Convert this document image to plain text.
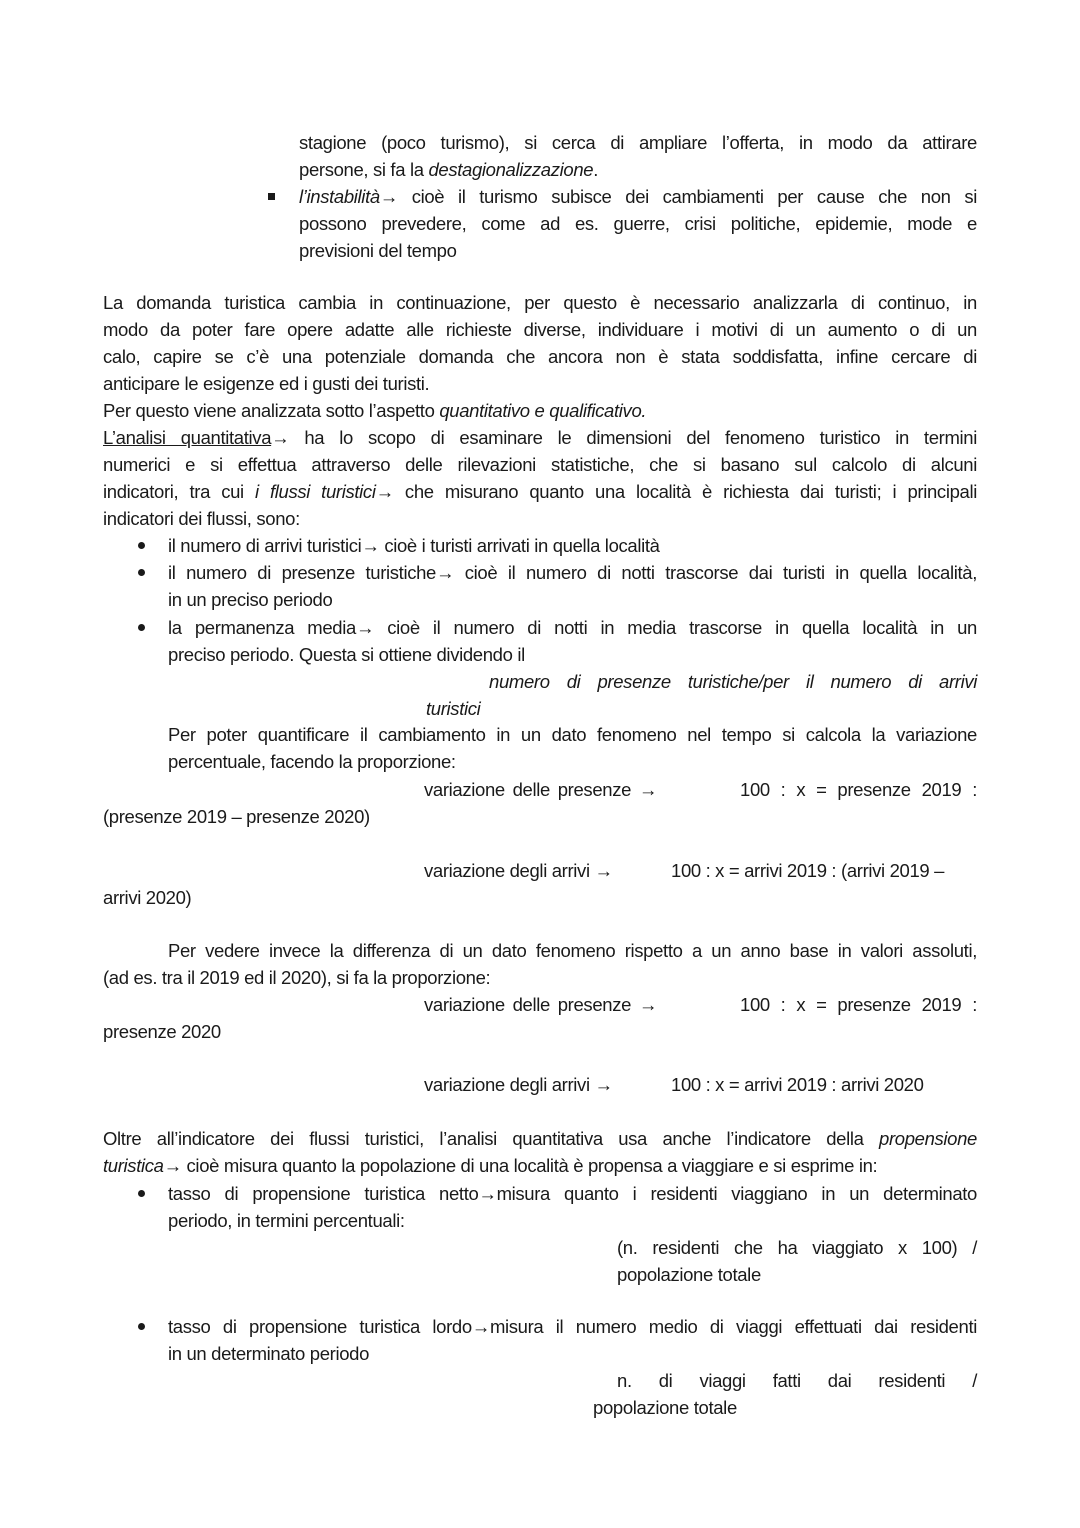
stagione (poco turismo), si cerca di ampliare l’offerta, in modo da attirare
persone, si fa la destagionalizzazione.
l’instabilità→ cioè il turismo subisce dei cambiamenti per cause che non si
possono prevedere, come ad es. guerre, crisi politiche, epidemie, mode e
previsioni del tempo
La domanda turistica cambia in continuazione, per questo è necessario analizzarla di continuo, in
modo da poter fare opere adatte alle richieste diverse, individuare i motivi di un aumento o di un
calo, capire se c’è una potenziale domanda che ancora non è stata soddisfatta, infine cercare di
anticipare le esigenze ed i gusti dei turisti.
Per questo viene analizzata sotto l’aspetto quantitativo e qualificativo.
L’analisi quantitativa→ ha lo scopo di esaminare le dimensioni del fenomeno turistico in termini
numerici e si effettua attraverso delle rilevazioni statistiche, che si basano sul calcolo di alcuni
indicatori, tra cui i flussi turistici→ che misurano quanto una località è richiesta dai turisti; i principali
indicatori dei flussi, sono:
il numero di arrivi turistici→ cioè i turisti arrivati in quella località
il numero di presenze turistiche→ cioè il numero di notti trascorse dai turisti in quella località,
in un preciso periodo
la permanenza media→ cioè il numero di notti in media trascorse in quella località in un
preciso periodo. Questa si ottiene dividendo il
numero di presenze turistiche/per il numero di arrivi
turistici
Per poter quantificare il cambiamento in un dato fenomeno nel tempo si calcola la variazione
percentuale, facendo la proporzione:
variazione delle presenze →	100 : x = presenze 2019 :
(presenze 2019 – presenze 2020)
variazione degli arrivi →	100 : x = arrivi 2019 : (arrivi 2019 –
arrivi 2020)
Per vedere invece la differenza di un dato fenomeno rispetto a un anno base in valori assoluti,
(ad es. tra il 2019 ed il 2020), si fa la proporzione:
variazione delle presenze →	100 : x = presenze 2019 :
presenze 2020
variazione degli arrivi →	100 : x = arrivi 2019 : arrivi 2020
Oltre all’indicatore dei flussi turistici, l’analisi quantitativa usa anche l’indicatore della propensione
turistica→ cioè misura quanto la popolazione di una località è propensa a viaggiare e si esprime in:
tasso di propensione turistica netto→misura quanto i residenti viaggiano in un determinato
periodo, in termini percentuali:
(n. residenti che ha viaggiato x 100) /
popolazione totale
tasso di propensione turistica lordo→misura il numero medio di viaggi effettuati dai residenti
in un determinato periodo
n. di viaggi fatti dai residenti /
popolazione totale
